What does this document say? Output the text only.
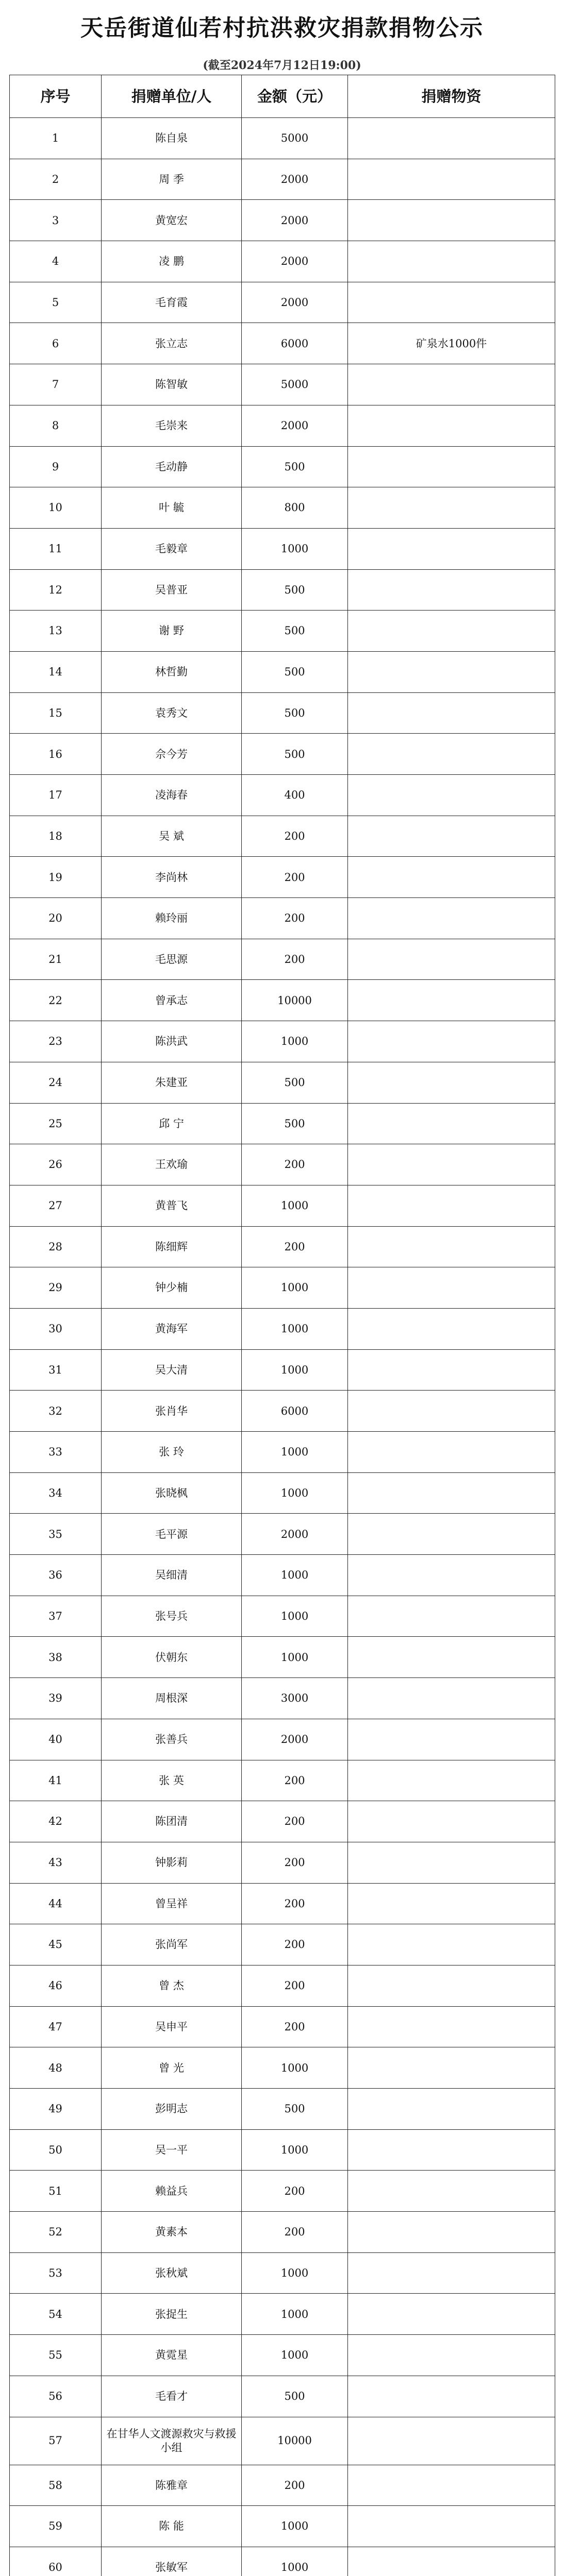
天岳街道仙若村抗洪救灾捐款捐物公示
(截至2024年7月12日19:00)
序号	捐赠单位/人	金额（元）	捐赠物资
1	陈自泉	5000	
2	周 季	2000	
3	黄宽宏	2000	
4	凌 鹏	2000	
5	毛育霞	2000	
6	张立志	6000	矿泉水1000件
7	陈智敏	5000	
8	毛崇来	2000	
9	毛动静	500	
10	叶 毓	800	
11	毛毅章	1000	
12	吴普亚	500	
13	谢 野	500	
14	林哲勤	500	
15	袁秀文	500	
16	佘今芳	500	
17	凌海春	400	
18	吴 斌	200	
19	李尚林	200	
20	赖玲丽	200	
21	毛思源	200	
22	曾承志	10000	
23	陈洪武	1000	
24	朱建亚	500	
25	邱 宁	500	
26	王欢瑜	200	
27	黄普飞	1000	
28	陈细辉	200	
29	钟少楠	1000	
30	黄海军	1000	
31	吴大清	1000	
32	张肖华	6000	
33	张 玲	1000	
34	张晓枫	1000	
35	毛平源	2000	
36	吴细清	1000	
37	张号兵	1000	
38	伏朝东	1000	
39	周根深	3000	
40	张善兵	2000	
41	张 英	200	
42	陈团清	200	
43	钟影莉	200	
44	曾呈祥	200	
45	张尚军	200	
46	曾 杰	200	
47	吴申平	200	
48	曾 光	1000	
49	彭明志	500	
50	吴一平	1000	
51	赖益兵	200	
52	黄素本	200	
53	张秋斌	1000	
54	张捉生	1000	
55	黄霓星	1000	
56	毛看才	500	
57	在甘华人文渡源救灾与救援小组	10000	
58	陈雅章	200	
59	陈 能	1000	
60	张敏军	1000	
